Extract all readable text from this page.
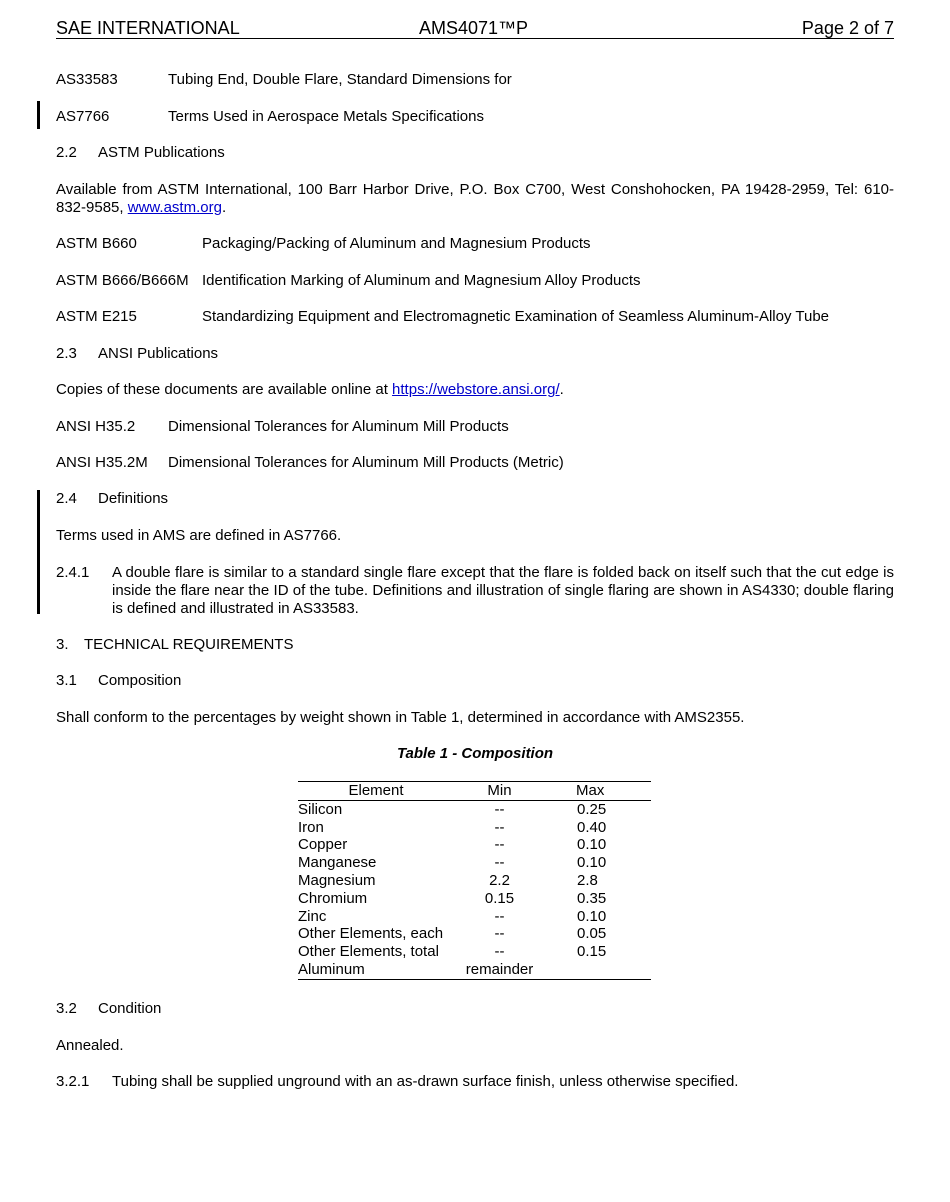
SAE INTERNATIONAL	AMS4071™P	Page 2 of 7
AS33583	Tubing End, Double Flare, Standard Dimensions for
AS7766	Terms Used in Aerospace Metals Specifications
2.2 ASTM Publications
Available from ASTM International, 100 Barr Harbor Drive, P.O. Box C700, West Conshohocken, PA 19428-2959, Tel: 610-832-9585, www.astm.org.
ASTM B660	Packaging/Packing of Aluminum and Magnesium Products
ASTM B666/B666M Identification Marking of Aluminum and Magnesium Alloy Products
ASTM E215	Standardizing Equipment and Electromagnetic Examination of Seamless Aluminum-Alloy Tube
2.3 ANSI Publications
Copies of these documents are available online at https://webstore.ansi.org/.
ANSI H35.2 Dimensional Tolerances for Aluminum Mill Products
ANSI H35.2M Dimensional Tolerances for Aluminum Mill Products (Metric)
2.4 Definitions
Terms used in AMS are defined in AS7766.
2.4.1 A double flare is similar to a standard single flare except that the flare is folded back on itself such that the cut edge is inside the flare near the ID of the tube. Definitions and illustration of single flaring are shown in AS4330; double flaring is defined and illustrated in AS33583.
3. TECHNICAL REQUIREMENTS
3.1 Composition
Shall conform to the percentages by weight shown in Table 1, determined in accordance with AMS2355.
Table 1 - Composition
Element	Min	Max
Silicon	--	0.25
Iron	--	0.40
Copper	--	0.10
Manganese	--	0.10
Magnesium	2.2	2.8
Chromium	0.15	0.35
Zinc	--	0.10
Other Elements, each	--	0.05
Other Elements, total	--	0.15
Aluminum	remainder	
3.2 Condition
Annealed.
3.2.1 Tubing shall be supplied unground with an as-drawn surface finish, unless otherwise specified.
